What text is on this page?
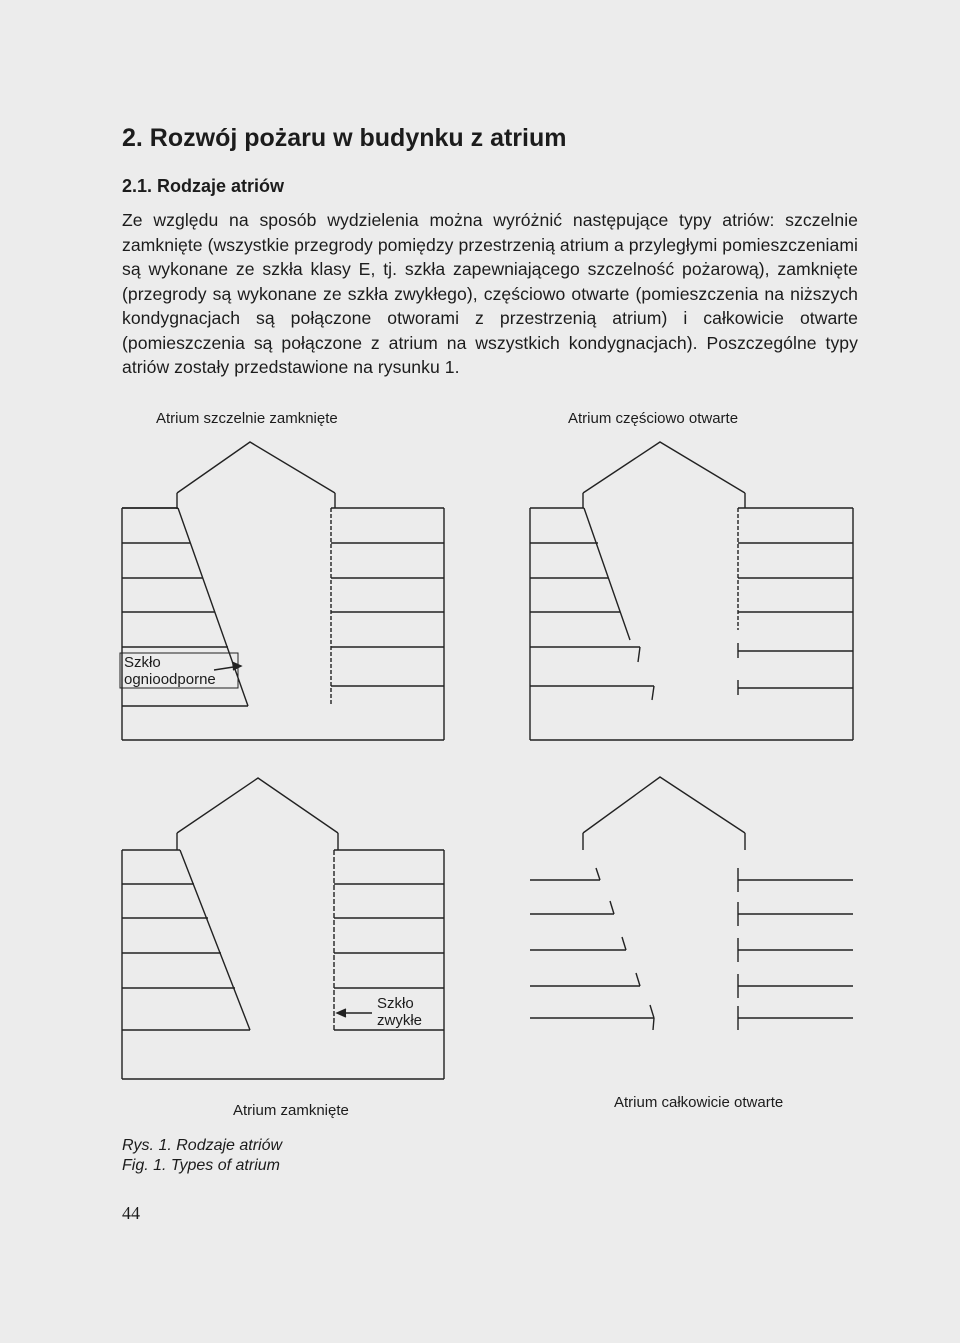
2. Rozwój pożaru w budynku z atrium
2.1. Rodzaje atriów

Ze względu na sposób wydzielenia można wyróżnić następujące typy atriów: szczelnie zamknięte (wszystkie przegrody pomiędzy przestrzenią atrium a przyległymi pomieszczeniami są wykonane ze szkła klasy E, tj. szkła zapewniającego szczelność pożarową), zamknięte (przegrody są wykonane ze szkła zwykłego), częściowo otwarte (pomieszczenia na niższych kondygnacjach są połączone otworami z przestrzenią atrium) i całkowicie otwarte (pomieszczenia są połączone z atrium na wszystkich kondygnacjach). Poszczególne typy atriów zostały przedstawione na rysunku 1.

Atrium szczelnie zamknięte	Atrium częściowo otwarte
Atrium zamknięte	Atrium całkowicie otwarte
Szkło
ognioodporne
Szkło
zwykłe
Rys. 1. Rodzaje atriów
Fig. 1. Types of atrium
44
